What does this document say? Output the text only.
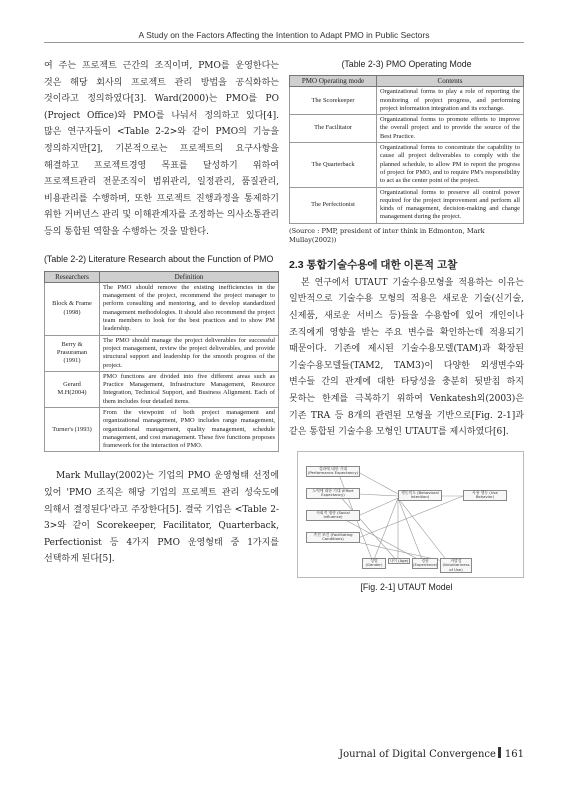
A Study on the Factors Affecting the Intention to Adapt PMO in Public Sectors

여 주는 프로젝트 근간의 조직이며, PMO를 운영한다는 것은 해당 회사의 프로젝트 관리 방법을 공식화하는 것이라고 정의하였다[3]. Ward(2000)는 PMO를 PO (Project Office)와 PMO를 나눠서 정의하고 있다[4]. 많은 연구자들이 <Table 2-2>와 같이 PMO의 기능을 정의하지만[2], 기본적으로는 프로젝트의 요구사항을 해결하고 프로젝트경영 목표를 달성하기 위하여 프로젝트관리 전문조직이 범위관리, 일정관리, 품질관리, 비용관리를 수행하며, 또한 프로젝트 진행과정을 통제하기 위한 거버넌스 관리 및 이해관계자를 조정하는 의사소통관리 등의 통합된 역할을 수행하는 것을 말한다.

(Table 2-2) Literature Research about the Function of PMO

Researchers	Definition
Block & Frame (1998)	The PMO should remove the existing inefficiencies in the management of the project, recommend the project manager to perform consulting and mentoring, and to develop standardized management methodologies. It should also recommend the project team members to look for the best practices and to show PM leadership.
Berry & Prasuraman (1991)	The PMO should manage the project deliverables for successful project management, review the project deliverables, and provide structural support and leadership for the smooth progress of the project.
Gerard M.H(2004)	PMO functions are divided into five different areas such as Practice Management, Infrastructure Management, Resource Integration, Technical Support, and Business Alignment. Each of them includes four detailed items.
Turner's (1993)	From the viewpoint of both project management and organizational management, PMO includes range management, organizational management, quality management, schedule management, and cost management. These five functions proposes framework for the interaction of PMO.

Mark Mullay(2002)는 기업의 PMO 운영형태 선정에 있어 'PMO 조직은 해당 기업의 프로젝트 관리 성숙도에 의해서 결정된다'라고 주장한다[5]. 결국 기업은 <Table 2-3>와 같이 Scorekeeper, Facilitator, Quarterback, Perfectionist 등 4가지 PMO 운영형태 중 1가지를 선택하게 된다[5].

(Table 2-3) PMO Operating Mode

PMO Operating mode	Contents
The Scorekeeper	Organizational forms to play a role of reporting the monitoring of project progress, and performing project information integration and its exchange.
The Facilitator	Organizational forms to promote efforts to improve the overall project and to provide the source of the Best Practice.
The Quarterback	Organizational forms to concentrate the capability to cause all project deliverables to comply with the planned schedule, to allow PM to report the progress of project for PMO, and to require PM's responsibility to act as the center point of the project.
The Perfectionist	Organizational forms to preserve all control power required for the project improvement and perform all kinds of management, decision-making and change management during the project.

(Source : PMP, president of inter think in Edmonton, Mark Mullay(2002))

2.3 통합기술수용에 대한 이론적 고찰

본 연구에서 UTAUT 기술수용모형을 적용하는 이유는 일반적으로 기술수용 모형의 적용은 새로운 기술(신기술, 신제품, 새로운 서비스 등)들을 수용함에 있어 개인이나 조직에게 영향을 받는 주요 변수를 확인하는데 적용되기 때문이다. 기존에 제시된 기술수용모델(TAM)과 확장된 기술수용모델들(TAM2, TAM3)이 다양한 외생변수와 변수들 간의 관계에 대한 타당성을 충분히 뒷받침 하지 못하는 한계를 극복하기 위하여 Venkatesh외(2003)은 기존 TRA 등 8개의 관련된 모형을 기반으로[Fig. 2-1]과 같은 통합된 기술수용 모형인 UTAUT를 제시하였다[6].

성과에 대한 기대 (Performance Expectancy)
노력에 대한 기대 (Effort Expectancy)
사회적 영향 (Social Influence)
촉진 조건 (Facilitating Conditions)
행동의도 (Behavioral Intention)
사용 행동 (Use Behavior)
성별 (Gender)
나이 (Age)	경험 (Experience)
자발성 (Voluntariness of Use)

[Fig. 2-1] UTAUT Model

Journal of Digital Convergence 161
